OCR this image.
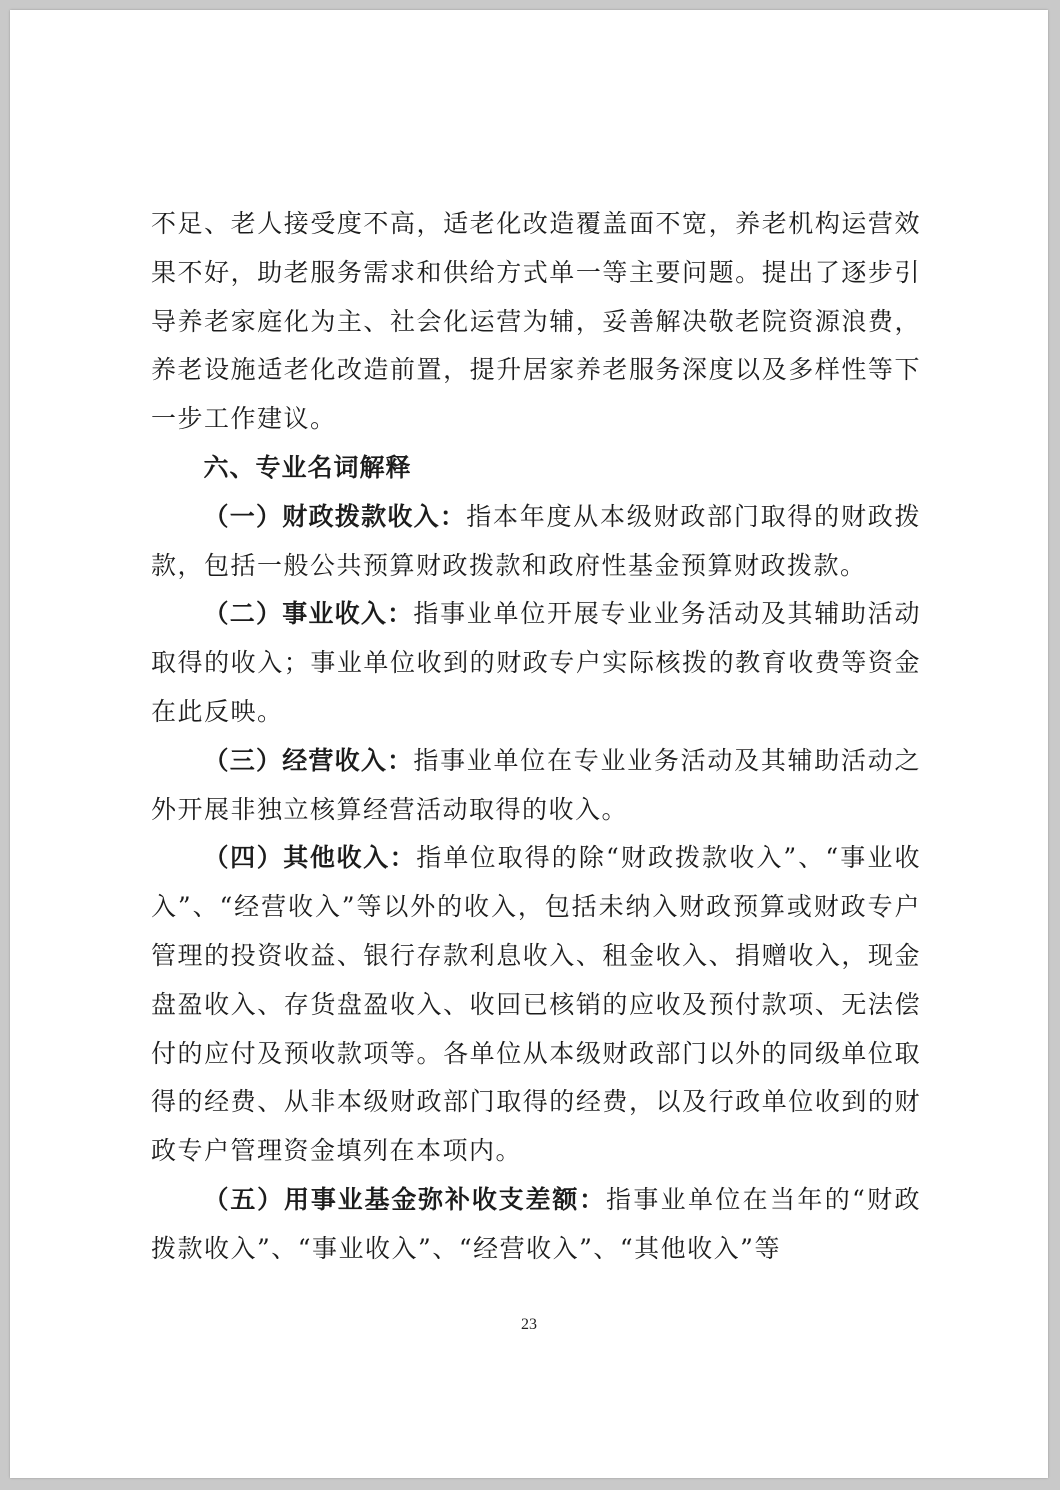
不足、老人接受度不高，适老化改造覆盖面不宽，养老机构运营效果不好，助老服务需求和供给方式单一等主要问题。提出了逐步引导养老家庭化为主、社会化运营为辅，妥善解决敬老院资源浪费，养老设施适老化改造前置，提升居家养老服务深度以及多样性等下一步工作建议。

六、专业名词解释

（一）财政拨款收入：指本年度从本级财政部门取得的财政拨款，包括一般公共预算财政拨款和政府性基金预算财政拨款。

（二）事业收入：指事业单位开展专业业务活动及其辅助活动取得的收入；事业单位收到的财政专户实际核拨的教育收费等资金在此反映。

（三）经营收入：指事业单位在专业业务活动及其辅助活动之外开展非独立核算经营活动取得的收入。

（四）其他收入：指单位取得的除“财政拨款收入”、“事业收入”、“经营收入”等以外的收入，包括未纳入财政预算或财政专户管理的投资收益、银行存款利息收入、租金收入、捐赠收入，现金盘盈收入、存货盘盈收入、收回已核销的应收及预付款项、无法偿付的应付及预收款项等。各单位从本级财政部门以外的同级单位取得的经费、从非本级财政部门取得的经费，以及行政单位收到的财政专户管理资金填列在本项内。

（五）用事业基金弥补收支差额：指事业单位在当年的“财政拨款收入”、“事业收入”、“经营收入”、“其他收入”等

23
